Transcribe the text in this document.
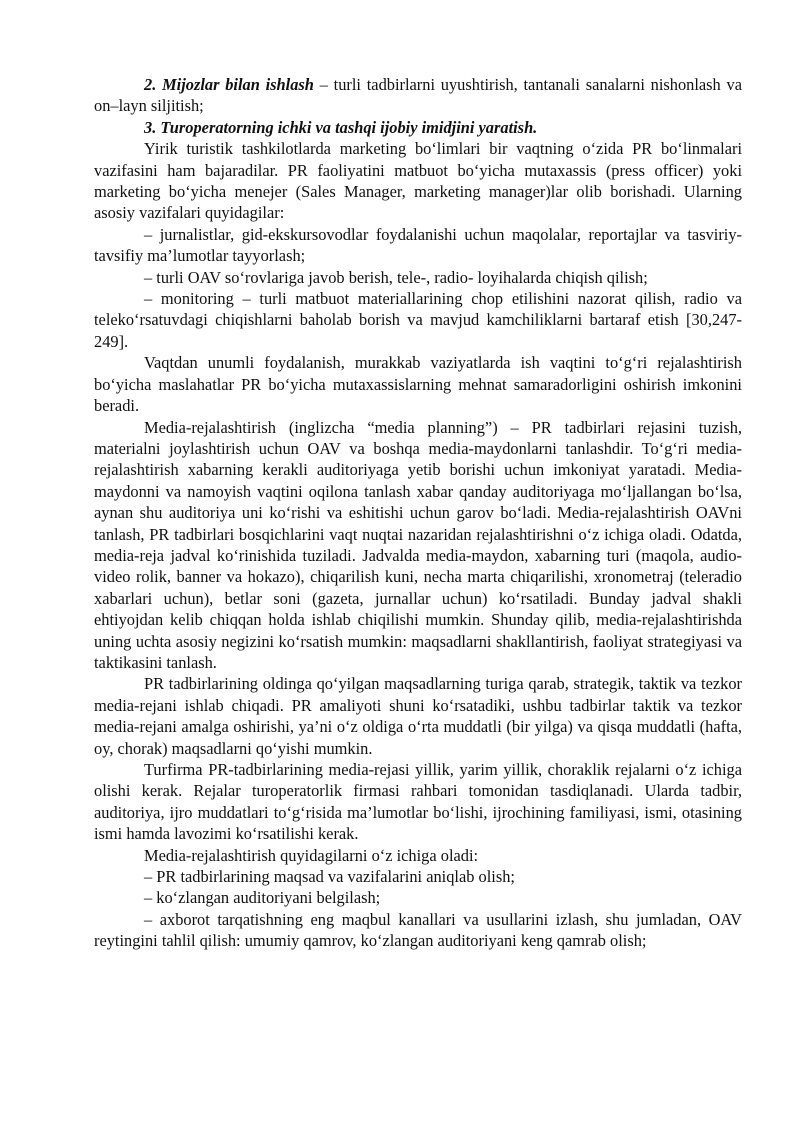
2. Mijozlar bilan ishlash – turli tadbirlarni uyushtirish, tantanali sanalarni nishonlash va on–layn siljitish;

3. Turoperatorning ichki va tashqi ijobiy imidjini yaratish.

Yirik turistik tashkilotlarda marketing bo‘limlari bir vaqtning o‘zida PR bo‘linmalari vazifasini ham bajaradilar. PR faoliyatini matbuot bo‘yicha mutaxassis (press officer) yoki marketing bo‘yicha menejer (Sales Manager, marketing manager)lar olib borishadi. Ularning asosiy vazifalari quyidagilar:

– jurnalistlar, gid-ekskursovodlar foydalanishi uchun maqolalar, reportajlar va tasviriy-tavsifiy ma’lumotlar tayyorlash;

– turli OAV so‘rovlariga javob berish, tele-, radio- loyihalarda chiqish qilish;

– monitoring – turli matbuot materiallarining chop etilishini nazorat qilish, radio va teleko‘rsatuvdagi chiqishlarni baholab borish va mavjud kamchiliklarni bartaraf etish [30,247-249].

Vaqtdan unumli foydalanish, murakkab vaziyatlarda ish vaqtini to‘g‘ri rejalashtirish bo‘yicha maslahatlar PR bo‘yicha mutaxassislarning mehnat samaradorligini oshirish imkonini beradi.

Media-rejalashtirish (inglizcha “media planning”) – PR tadbirlari rejasini tuzish, materialni joylashtirish uchun OAV va boshqa media-maydonlarni tanlashdir. To‘g‘ri media-rejalashtirish xabarning kerakli auditoriyaga yetib borishi uchun imkoniyat yaratadi. Media-maydonni va namoyish vaqtini oqilona tanlash xabar qanday auditoriyaga mo‘ljallangan bo‘lsa, aynan shu auditoriya uni ko‘rishi va eshitishi uchun garov bo‘ladi. Media-rejalashtirish OAVni tanlash, PR tadbirlari bosqichlarini vaqt nuqtai nazaridan rejalashtirishni o‘z ichiga oladi. Odatda, media-reja jadval ko‘rinishida tuziladi. Jadvalda media-maydon, xabarning turi (maqola, audio-video rolik, banner va hokazo), chiqarilish kuni, necha marta chiqarilishi, xronometraj (teleradio xabarlari uchun), betlar soni (gazeta, jurnallar uchun) ko‘rsatiladi. Bunday jadval shakli ehtiyojdan kelib chiqqan holda ishlab chiqilishi mumkin. Shunday qilib, media-rejalashtirishda uning uchta asosiy negizini ko‘rsatish mumkin: maqsadlarni shakllantirish, faoliyat strategiyasi va taktikasini tanlash.

PR tadbirlarining oldinga qo‘yilgan maqsadlarning turiga qarab, strategik, taktik va tezkor media-rejani ishlab chiqadi. PR amaliyoti shuni ko‘rsatadiki, ushbu tadbirlar taktik va tezkor media-rejani amalga oshirishi, ya’ni o‘z oldiga o‘rta muddatli (bir yilga) va qisqa muddatli (hafta, oy, chorak) maqsadlarni qo‘yishi mumkin.

Turfirma PR-tadbirlarining media-rejasi yillik, yarim yillik, choraklik rejalarni o‘z ichiga olishi kerak. Rejalar turoperatorlik firmasi rahbari tomonidan tasdiqlanadi. Ularda tadbir, auditoriya, ijro muddatlari to‘g‘risida ma’lumotlar bo‘lishi, ijrochining familiyasi, ismi, otasining ismi hamda lavozimi ko‘rsatilishi kerak.

Media-rejalashtirish quyidagilarni o‘z ichiga oladi:

– PR tadbirlarining maqsad va vazifalarini aniqlab olish;

– ko‘zlangan auditoriyani belgilash;

– axborot tarqatishning eng maqbul kanallari va usullarini izlash, shu jumladan, OAV reytingini tahlil qilish: umumiy qamrov, ko‘zlangan auditoriyani keng qamrab olish;
